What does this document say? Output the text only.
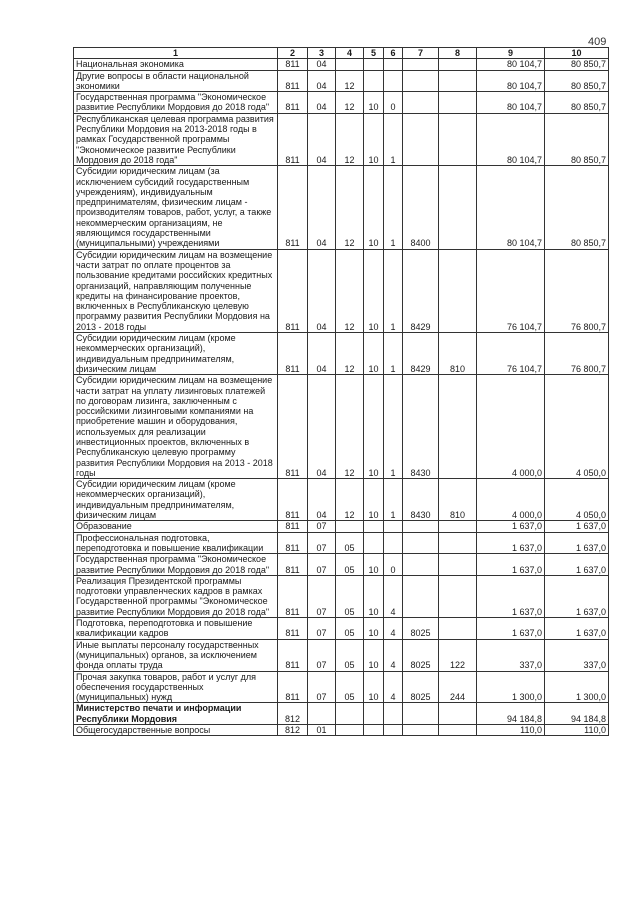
409
1	2	3	4	5	6	7	8	9	10
Национальная экономика	811	04						80 104,7	80 850,7
Другие вопросы в области национальной экономики	811	04	12					80 104,7	80 850,7
Государственная программа "Экономическое развитие Республики Мордовия до 2018 года"	811	04	12	10	0			80 104,7	80 850,7
Республиканская целевая программа развития Республики Мордовия на 2013-2018 годы в рамках Государственной программы "Экономическое развитие Республики Мордовия до 2018 года"	811	04	12	10	1			80 104,7	80 850,7
Субсидии юридическим лицам (за исключением субсидий государственным учреждениям), индивидуальным предпринимателям, физическим лицам - производителям товаров, работ, услуг, а также некоммерческим организациям, не являющимся государственными (муниципальными) учреждениями	811	04	12	10	1	8400		80 104,7	80 850,7
Субсидии юридическим лицам на возмещение части затрат по оплате процентов за пользование кредитами российских кредитных организаций, направляющим полученные кредиты на финансирование проектов, включенных в Республиканскую целевую программу развития Республики Мордовия на 2013 - 2018 годы	811	04	12	10	1	8429		76 104,7	76 800,7
Субсидии юридическим лицам (кроме некоммерческих организаций), индивидуальным предпринимателям, физическим лицам	811	04	12	10	1	8429	810	76 104,7	76 800,7
Субсидии юридическим лицам на возмещение части затрат на уплату лизинговых платежей по договорам лизинга, заключенным с российскими лизинговыми компаниями на приобретение машин и оборудования, используемых для реализации инвестиционных проектов, включенных в Республиканскую целевую программу развития Республики Мордовия на 2013 - 2018 годы	811	04	12	10	1	8430		4 000,0	4 050,0
Субсидии юридическим лицам (кроме некоммерческих организаций), индивидуальным предпринимателям, физическим лицам	811	04	12	10	1	8430	810	4 000,0	4 050,0
Образование	811	07						1 637,0	1 637,0
Профессиональная подготовка, переподготовка и повышение квалификации	811	07	05					1 637,0	1 637,0
Государственная программа "Экономическое развитие Республики Мордовия до 2018 года"	811	07	05	10	0			1 637,0	1 637,0
Реализация Президентской программы подготовки управленческих кадров в рамках Государственной программы "Экономическое развитие Республики Мордовия до 2018 года"	811	07	05	10	4			1 637,0	1 637,0
Подготовка, переподготовка и повышение квалификации кадров	811	07	05	10	4	8025		1 637,0	1 637,0
Иные выплаты персоналу государственных (муниципальных) органов, за исключением фонда оплаты труда	811	07	05	10	4	8025	122	337,0	337,0
Прочая закупка товаров, работ и услуг для обеспечения государственных (муниципальных) нужд	811	07	05	10	4	8025	244	1 300,0	1 300,0
Министерство печати и информации Республики Мордовия	812							94 184,8	94 184,8
Общегосударственные вопросы	812	01						110,0	110,0
